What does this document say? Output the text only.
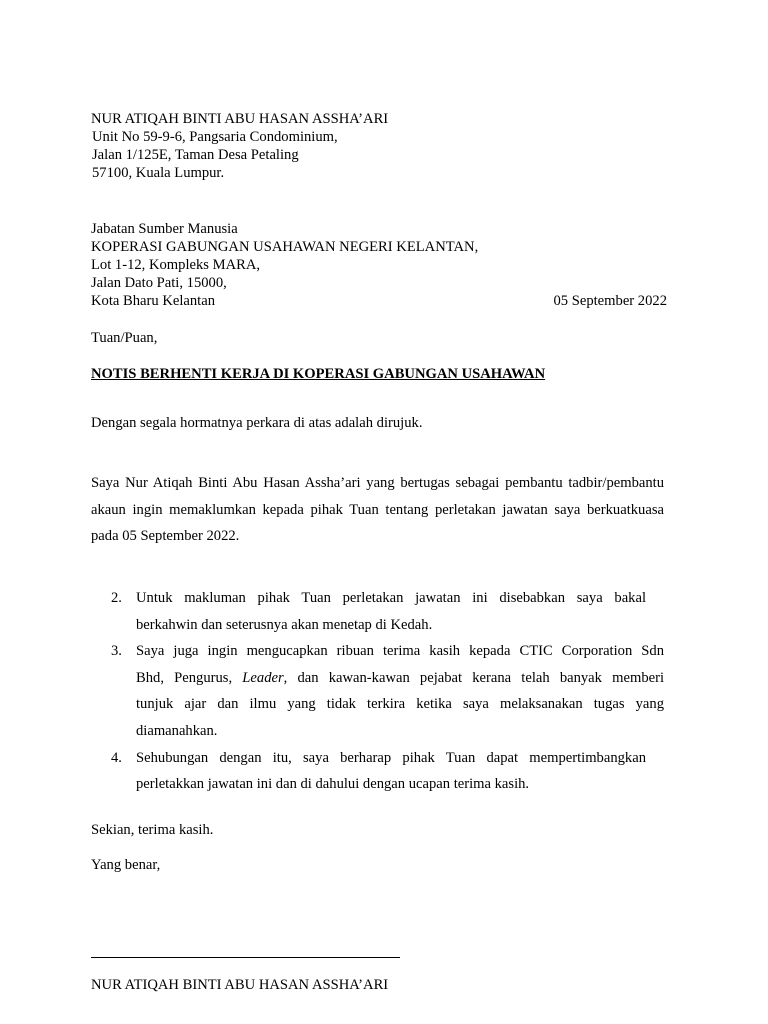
NUR ATIQAH BINTI ABU HASAN ASSHA’ARI
Unit No 59-9-6, Pangsaria Condominium,
Jalan 1/125E, Taman Desa Petaling
57100, Kuala Lumpur.
Jabatan Sumber Manusia
KOPERASI GABUNGAN USAHAWAN NEGERI KELANTAN,
Lot 1-12, Kompleks MARA,
Jalan Dato Pati, 15000,
Kota Bharu Kelantan	05 September 2022
Tuan/Puan,
NOTIS BERHENTI KERJA DI KOPERASI GABUNGAN USAHAWAN
Dengan segala hormatnya perkara di atas adalah dirujuk.
Saya Nur Atiqah Binti Abu Hasan Assha’ari yang bertugas sebagai pembantu tadbir/pembantu
akaun ingin memaklumkan kepada pihak Tuan tentang perletakan jawatan saya berkuatkuasa
pada 05 September 2022.
2. Untuk makluman pihak Tuan perletakan jawatan ini disebabkan saya bakal
berkahwin dan seterusnya akan menetap di Kedah.
3. Saya juga ingin mengucapkan ribuan terima kasih kepada CTIC Corporation Sdn
Bhd, Pengurus, Leader, dan kawan-kawan pejabat kerana telah banyak memberi
tunjuk ajar dan ilmu yang tidak terkira ketika saya melaksanakan tugas yang
diamanahkan.
4. Sehubungan dengan itu, saya berharap pihak Tuan dapat mempertimbangkan
perletakkan jawatan ini dan di dahului dengan ucapan terima kasih.
Sekian, terima kasih.
Yang benar,
NUR ATIQAH BINTI ABU HASAN ASSHA’ARI
